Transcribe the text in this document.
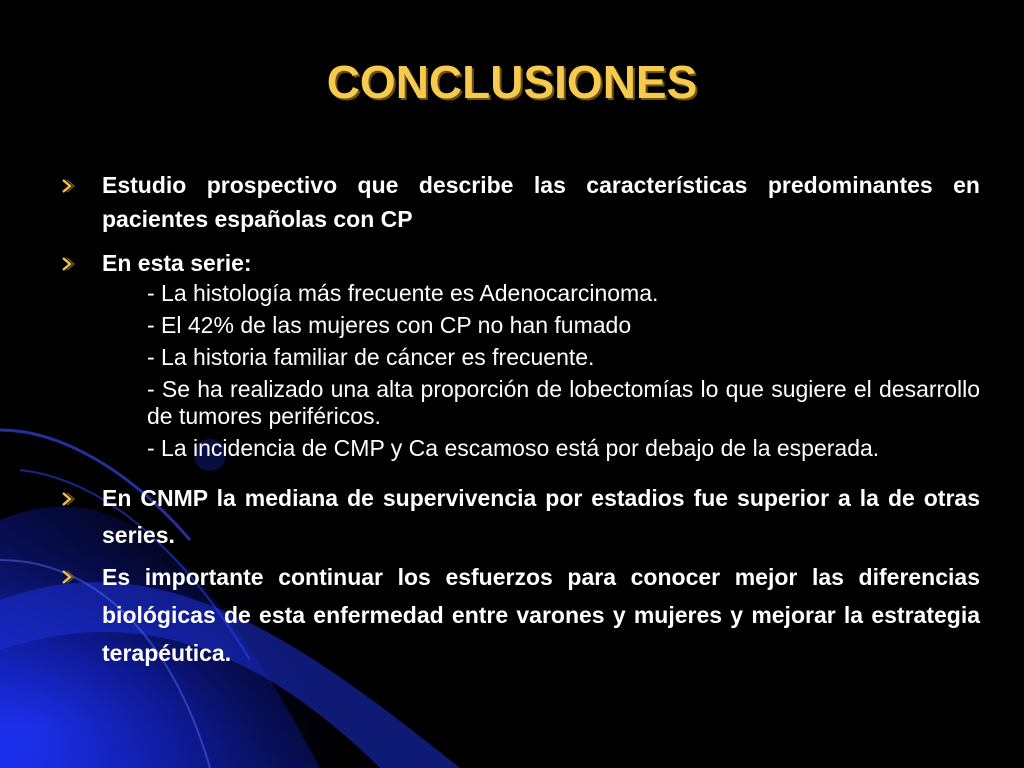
CONCLUSIONES
Estudio prospectivo que describe las características predominantes en pacientes españolas con CP
En esta serie:
- La histología más frecuente es Adenocarcinoma.
- El 42% de las mujeres con CP no han fumado
- La historia familiar de cáncer es frecuente.
- Se ha realizado una alta proporción de lobectomías lo que sugiere el desarrollo de tumores periféricos.
- La incidencia de CMP y Ca escamoso está por debajo de la esperada.
En CNMP la mediana de supervivencia por estadios fue superior a la de otras series.
Es importante continuar los esfuerzos para conocer mejor las diferencias biológicas de esta enfermedad entre varones y mujeres y mejorar la estrategia terapéutica.
